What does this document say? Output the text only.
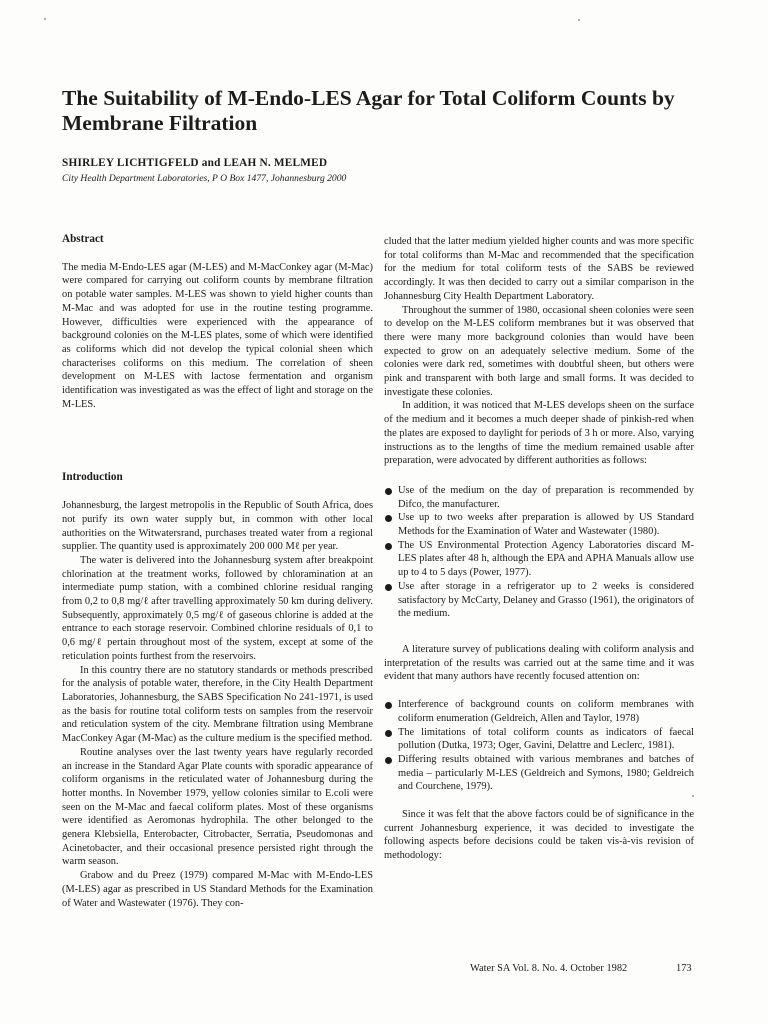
The Suitability of M-Endo-LES Agar for Total Coliform Counts by Membrane Filtration
SHIRLEY LICHTIGFELD and LEAH N. MELMED
City Health Department Laboratories, P O Box 1477, Johannesburg 2000

Abstract

The media M-Endo-LES agar (M-LES) and M-MacConkey agar (M-Mac) were compared for carrying out coliform counts by membrane filtration on potable water samples. M-LES was shown to yield higher counts than M-Mac and was adopted for use in the routine testing programme. However, difficulties were experienced with the appearance of background colonies on the M-LES plates, some of which were identified as coliforms which did not develop the typical colonial sheen which characterises coliforms on this medium. The correlation of sheen development on M-LES with lactose fermentation and organism identification was investigated as was the effect of light and storage on the M-LES.

Introduction

Johannesburg, the largest metropolis in the Republic of South Africa, does not purify its own water supply but, in common with other local authorities on the Witwatersrand, purchases treated water from a regional supplier. The quantity used is approximately 200 000 Mℓ per year.

The water is delivered into the Johannesburg system after breakpoint chlorination at the treatment works, followed by chloramination at an intermediate pump station, with a combined chlorine residual ranging from 0,2 to 0,8 mg/ℓ after travelling approximately 50 km during delivery. Subsequently, approximately 0,5 mg/ℓ of gaseous chlorine is added at the entrance to each storage reservoir. Combined chlorine residuals of 0,1 to 0,6 mg/ℓ pertain throughout most of the system, except at some of the reticulation points furthest from the reservoirs.

In this country there are no statutory standards or methods prescribed for the analysis of potable water, therefore, in the City Health Department Laboratories, Johannesburg, the SABS Specification No 241-1971, is used as the basis for routine total coliform tests on samples from the reservoir and reticulation system of the city. Membrane filtration using Membrane MacConkey Agar (M-Mac) as the culture medium is the specified method.

Routine analyses over the last twenty years have regularly recorded an increase in the Standard Agar Plate counts with sporadic appearance of coliform organisms in the reticulated water of Johannesburg during the hotter months. In November 1979, yellow colonies similar to E.coli were seen on the M-Mac and faecal coliform plates. Most of these organisms were identified as Aeromonas hydrophila. The other belonged to the genera Klebsiella, Enterobacter, Citrobacter, Serratia, Pseudomonas and Acinetobacter, and their occasional presence persisted right through the warm season.

Grabow and du Preez (1979) compared M-Mac with M-Endo-LES (M-LES) agar as prescribed in US Standard Methods for the Examination of Water and Wastewater (1976). They con-

cluded that the latter medium yielded higher counts and was more specific for total coliforms than M-Mac and recommended that the specification for the medium for total coliform tests of the SABS be reviewed accordingly. It was then decided to carry out a similar comparison in the Johannesburg City Health Department Laboratory.

Throughout the summer of 1980, occasional sheen colonies were seen to develop on the M-LES coliform membranes but it was observed that there were many more background colonies than would have been expected to grow on an adequately selective medium. Some of the colonies were dark red, sometimes with doubtful sheen, but others were pink and transparent with both large and small forms. It was decided to investigate these colonies.

In addition, it was noticed that M-LES develops sheen on the surface of the medium and it becomes a much deeper shade of pinkish-red when the plates are exposed to daylight for periods of 3 h or more. Also, varying instructions as to the lengths of time the medium remained usable after preparation, were advocated by different authorities as follows:

Use of the medium on the day of preparation is recommended by Difco, the manufacturer.
Use up to two weeks after preparation is allowed by US Standard Methods for the Examination of Water and Wastewater (1980).
The US Environmental Protection Agency Laboratories discard M-LES plates after 48 h, although the EPA and APHA Manuals allow use up to 4 to 5 days (Power, 1977).
Use after storage in a refrigerator up to 2 weeks is considered satisfactory by McCarty, Delaney and Grasso (1961), the originators of the medium.

A literature survey of publications dealing with coliform analysis and interpretation of the results was carried out at the same time and it was evident that many authors have recently focused attention on:

Interference of background counts on coliform membranes with coliform enumeration (Geldreich, Allen and Taylor, 1978)
The limitations of total coliform counts as indicators of faecal pollution (Dutka, 1973; Oger, Gavini, Delattre and Leclerc, 1981).
Differing results obtained with various membranes and batches of media – particularly M-LES (Geldreich and Symons, 1980; Geldreich and Courchene, 1979).

Since it was felt that the above factors could be of significance in the current Johannesburg experience, it was decided to investigate the following aspects before decisions could be taken vis-à-vis revision of methodology:

Water SA Vol. 8. No. 4. October 1982	173
